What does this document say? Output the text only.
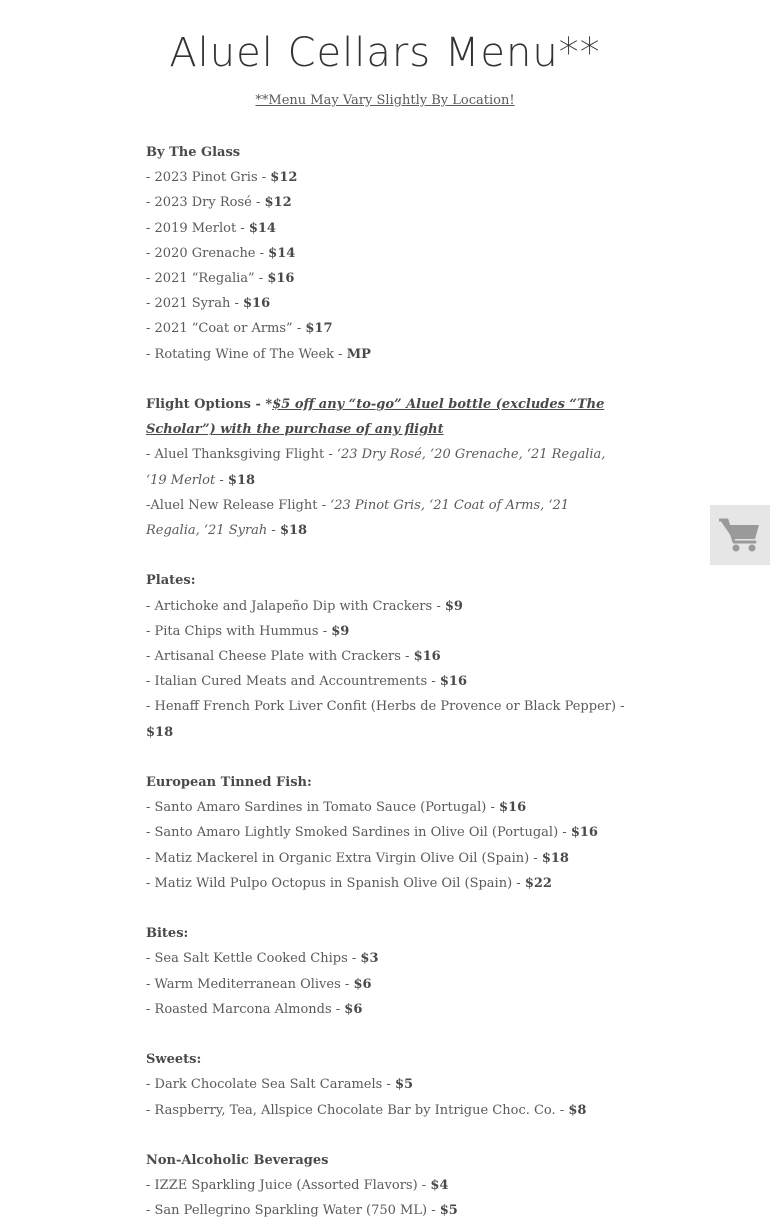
Aluel Cellars Menu**
**Menu May Vary Slightly By Location!

By The Glass

- 2023 Pinot Gris - $12

- 2023 Dry Rosé - $12

- 2019 Merlot - $14

- 2020 Grenache - $14

- 2021 “Regalia” - $16

- 2021 Syrah - $16

- 2021 “Coat or Arms” - $17

- Rotating Wine of The Week - MP

Flight Options - *$5 off any “to-go” Aluel bottle (excludes “The Scholar”) with the purchase of any flight

- Aluel Thanksgiving Flight - ‘23 Dry Rosé, ‘20 Grenache, ‘21 Regalia, ‘19 Merlot - $18

-Aluel New Release Flight - ‘23 Pinot Gris, ‘21 Coat of Arms, ‘21 Regalia, ‘21 Syrah - $18

Plates:

- Artichoke and Jalapeño Dip with Crackers - $9

- Pita Chips with Hummus - $9

- Artisanal Cheese Plate with Crackers - $16

- Italian Cured Meats and Accountrements - $16

- Henaff French Pork Liver Confit (Herbs de Provence or Black Pepper) - $18

European Tinned Fish:

- Santo Amaro Sardines in Tomato Sauce (Portugal) - $16

- Santo Amaro Lightly Smoked Sardines in Olive Oil (Portugal) - $16

- Matiz Mackerel in Organic Extra Virgin Olive Oil (Spain) - $18

- Matiz Wild Pulpo Octopus in Spanish Olive Oil (Spain) - $22

Bites:

- Sea Salt Kettle Cooked Chips - $3

- Warm Mediterranean Olives - $6

- Roasted Marcona Almonds - $6

Sweets:

- Dark Chocolate Sea Salt Caramels - $5

- Raspberry, Tea, Allspice Chocolate Bar by Intrigue Choc. Co. - $8

Non-Alcoholic Beverages

- IZZE Sparkling Juice (Assorted Flavors) - $4

- San Pellegrino Sparkling Water (750 ML) - $5
